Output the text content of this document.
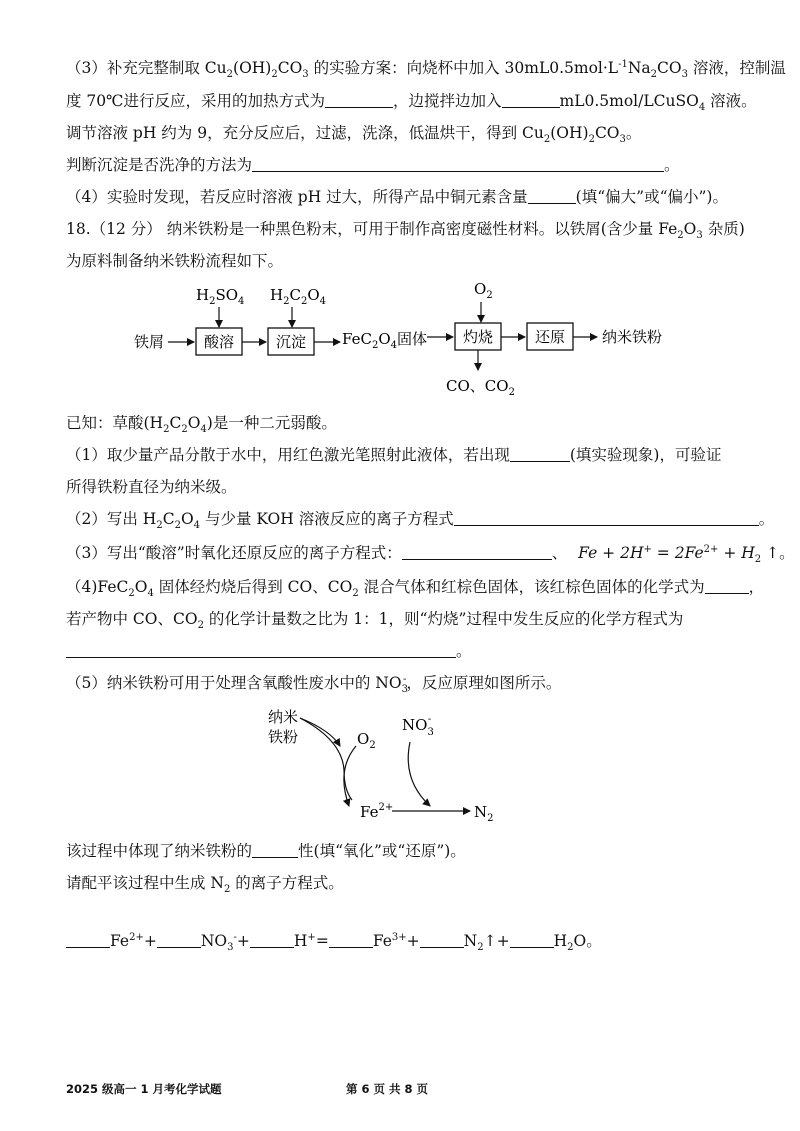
（3）补充完整制取 $Cu_2(OH)_2CO_3$ 的实验方案：向烧杯中加入 $30mL0.5mol\cdot L^{-1}Na_2CO_3$ 溶液，控制温
度 70℃进行反应，采用的加热方式为	，边搅拌边加入	mL0.5mol/LCuSO$_4$ 溶液。
调节溶液 pH 约为 9，充分反应后，过滤，洗涤，低温烘干，得到 $Cu_2(OH)_2CO_3$。
判断沉淀是否洗净的方法为	。
（4）实验时发现，若反应时溶液 pH 过大，所得产品中铜元素含量	(填“偏大”或“偏小”)。
18.（12 分） 纳米铁粉是一种黑色粉末，可用于制作高密度磁性材料。以铁屑(含少量 $Fe_2O_3$ 杂质)
为原料制备纳米铁粉流程如下。
$H_2SO_4$ $H_2C_2O_4$
$O_2$
酸溶	沉淀	灼烧	还原
铁屑	$FeC_2O_4$固体	纳米铁粉
CO、$CO_2$
已知：草酸$(H_2C_2O_4)$是一种二元弱酸。
（1）取少量产品分散于水中，用红色激光笔照射此液体，若出现	(填实验现象)，可验证
所得铁粉直径为纳米级。
（2）写出 $H_2C_2O_4$ 与少量 KOH 溶液反应的离子方程式	。
（3）写出“酸溶”时氧化还原反应的离子方程式：	、 $Fe + 2H^+ = 2Fe^{2+} + H_2$ ↑。
$(4)FeC_2O_4$ 固体经灼烧后得到 CO、$CO_2$ 混合气体和红棕色固体，该红棕色固体的化学式为	，
若产物中 CO、$CO_2$ 的化学计量数之比为 1：1，则“灼烧”过程中发生反应的化学方程式为
。
（5）纳米铁粉可用于处理含氧酸性废水中的 $NO_3^-$，反应原理如图所示。
纳米
铁粉	$O_2$
$NO_3-$
$Fe^{2+}$	$N_2$
该过程中体现了纳米铁粉的	性(填“氧化”或“还原”)。
请配平该过程中生成 $N_2$ 的离子方程式。
$Fe^{2+}+$	$NO_3^-+$	H+=	$Fe^{3+}+$	$N_2↑+$	$H_2O$。
2025 级高一 1 月考化学试题	第 6 页 共 8 页
